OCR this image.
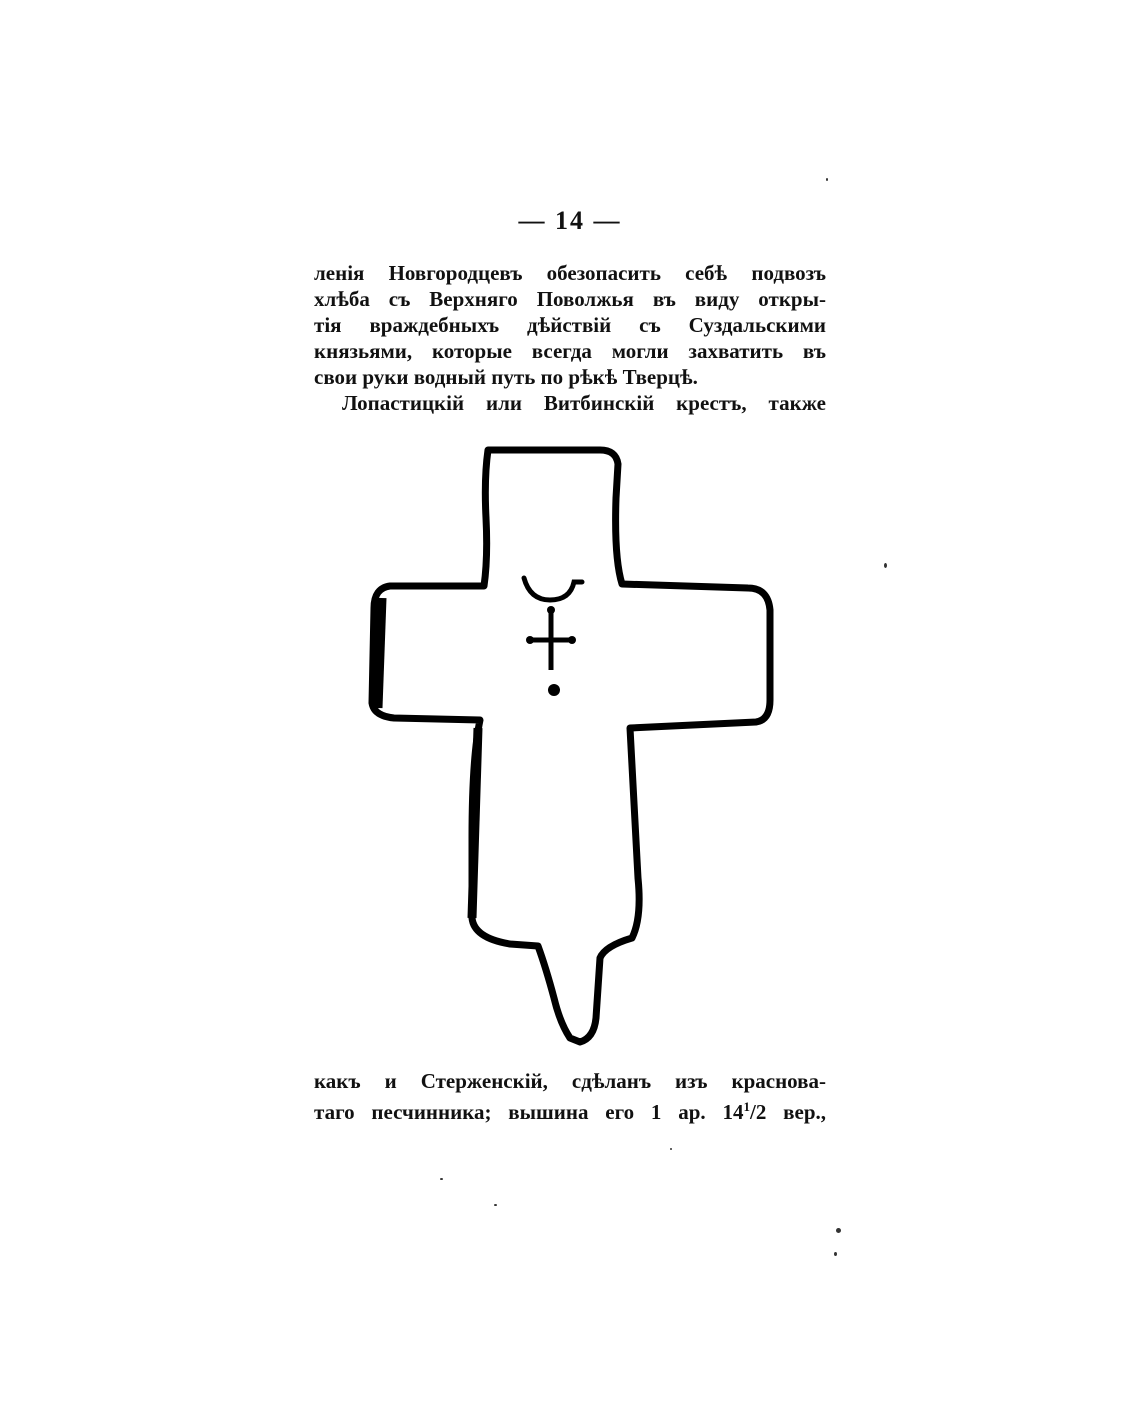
— 14 —
ленія Новгородцевъ обезопасить себѣ подвозъ
хлѣба съ Верхняго Поволжья въ виду откры-
тія враждебныхъ дѣйствій съ Суздальскими
князьями, которые всегда могли захватить въ
свои руки водный путь по рѣкѣ Тверцѣ.
Лопастицкій или Витбинскій крестъ, также
какъ и Стерженскій, сдѣланъ изъ краснова-
таго песчинника; вышина его 1 ар. $14^1/2$ вер.,
